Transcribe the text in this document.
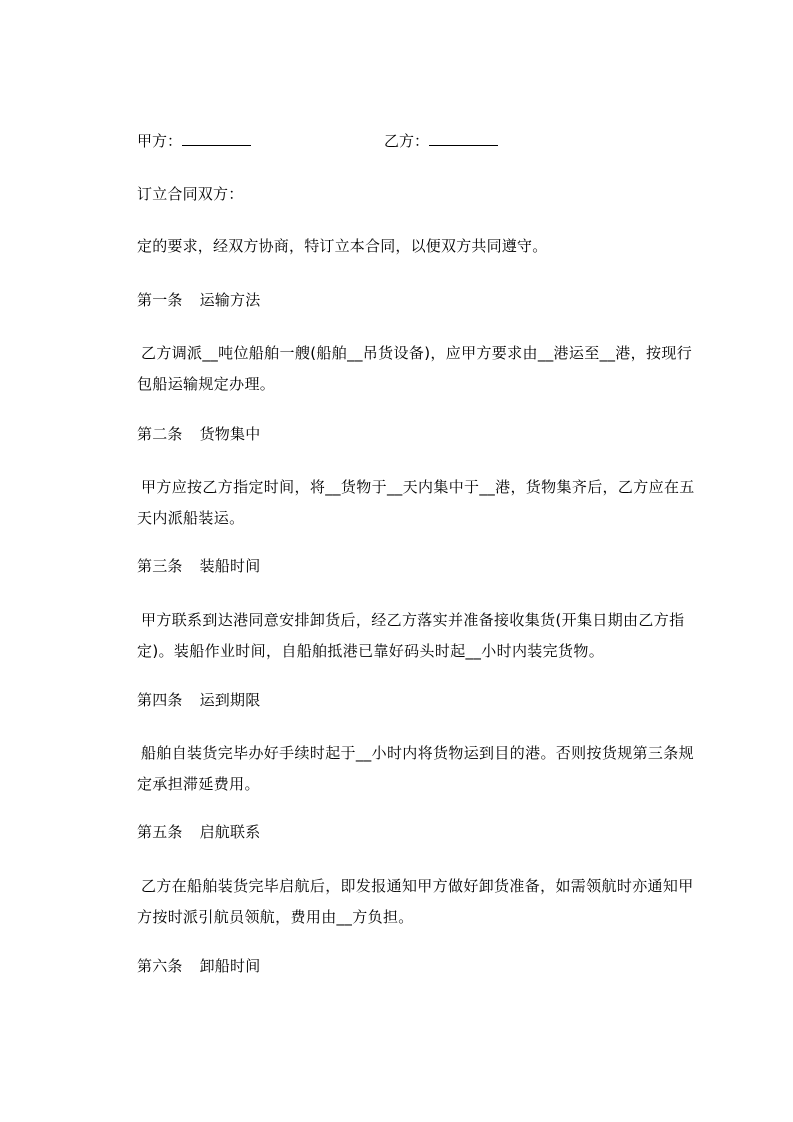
甲方：	乙方：
订立合同双方：
定的要求，经双方协商，特订立本合同，以便双方共同遵守。
第一条 运输方法

乙方调派__吨位船舶一艘(船舶__吊货设备)，应甲方要求由__港运至__港，按现行包船运输规定办理。

第二条 货物集中

甲方应按乙方指定时间，将__货物于__天内集中于__港，货物集齐后，乙方应在五天内派船装运。

第三条 装船时间

甲方联系到达港同意安排卸货后，经乙方落实并准备接收集货(开集日期由乙方指定)。装船作业时间，自船舶抵港已靠好码头时起__小时内装完货物。

第四条 运到期限

船舶自装货完毕办好手续时起于__小时内将货物运到目的港。否则按货规第三条规定承担滞延费用。

第五条 启航联系

乙方在船舶装货完毕启航后，即发报通知甲方做好卸货准备，如需领航时亦通知甲方按时派引航员领航，费用由__方负担。

第六条 卸船时间
